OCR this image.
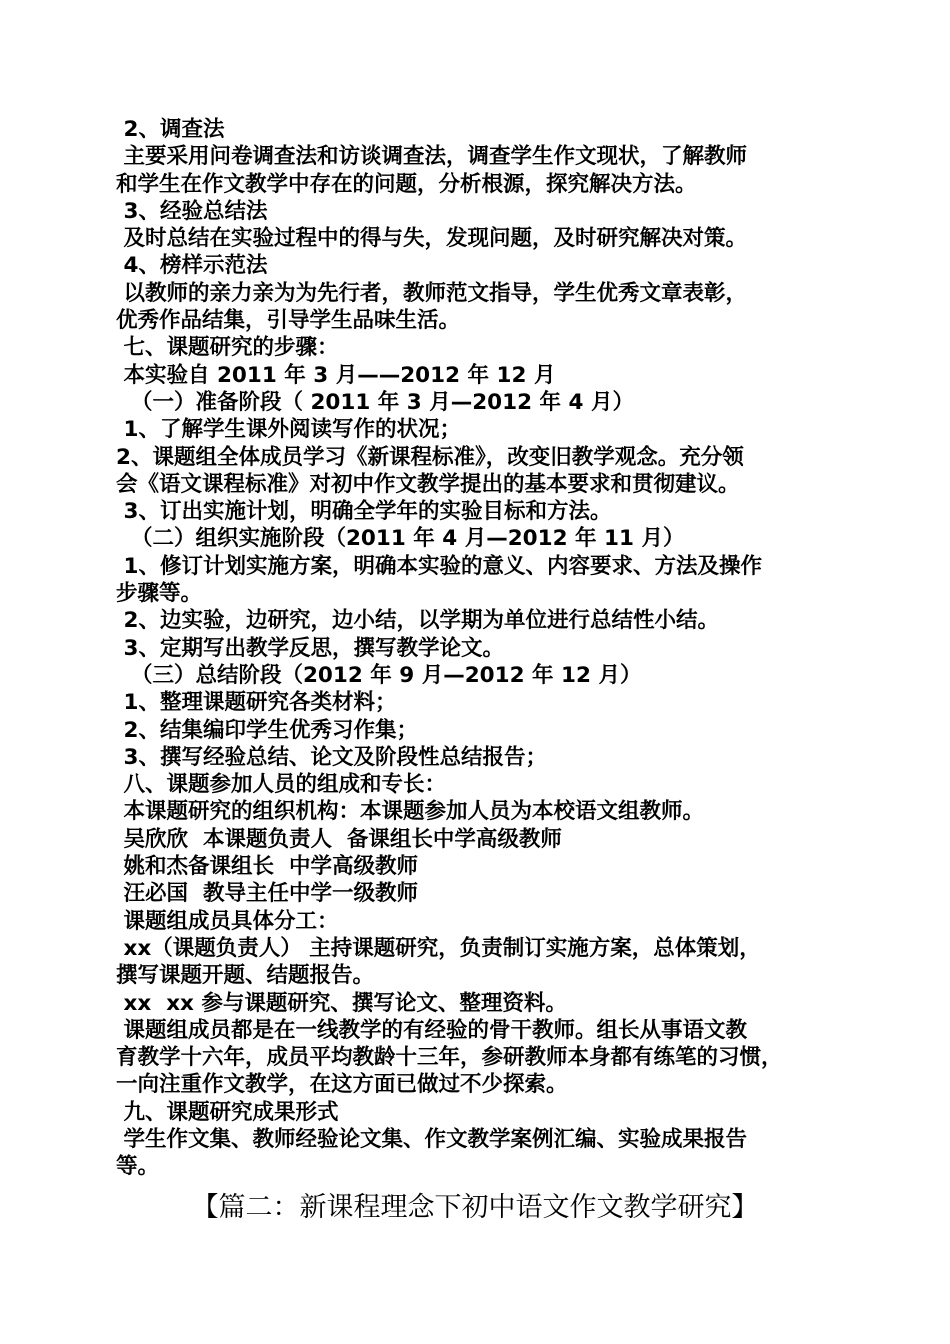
2、调查法

主要采用问卷调查法和访谈调查法，调查学生作文现状，了解教师

和学生在作文教学中存在的问题，分析根源，探究解决方法。

3、经验总结法

及时总结在实验过程中的得与失，发现问题，及时研究解决对策。

4、榜样示范法

以教师的亲力亲为为先行者，教师范文指导，学生优秀文章表彰，

优秀作品结集，引导学生品味生活。

七、课题研究的步骤：

本实验自 2011 年 3 月——2012 年 12 月

（一）准备阶段（ 2011 年 3 月—2012 年 4 月）

1、了解学生课外阅读写作的状况；

2、课题组全体成员学习《新课程标准》，改变旧教学观念。充分领

会《语文课程标准》对初中作文教学提出的基本要求和贯彻建议。

3、订出实施计划，明确全学年的实验目标和方法。

（二）组织实施阶段（2011 年 4 月—2012 年 11 月）

1、修订计划实施方案，明确本实验的意义、内容要求、方法及操作

步骤等。

2、边实验，边研究，边小结，以学期为单位进行总结性小结。

3、定期写出教学反思，撰写教学论文。

（三）总结阶段（2012 年 9 月—2012 年 12 月）

1、整理课题研究各类材料；

2、结集编印学生优秀习作集；

3、撰写经验总结、论文及阶段性总结报告；

八、课题参加人员的组成和专长：

本课题研究的组织机构：本课题参加人员为本校语文组教师。

吴欣欣  本课题负责人  备课组长中学高级教师

姚和杰备课组长  中学高级教师

汪必国  教导主任中学一级教师

课题组成员具体分工：

xx（课题负责人） 主持课题研究，负责制订实施方案，总体策划，

撰写课题开题、结题报告。

xx  xx 参与课题研究、撰写论文、整理资料。

课题组成员都是在一线教学的有经验的骨干教师。组长从事语文教

育教学十六年，成员平均教龄十三年，参研教师本身都有练笔的习惯，

一向注重作文教学，在这方面已做过不少探索。

九、课题研究成果形式

学生作文集、教师经验论文集、作文教学案例汇编、实验成果报告

等。

【篇二：新课程理念下初中语文作文教学研究】
